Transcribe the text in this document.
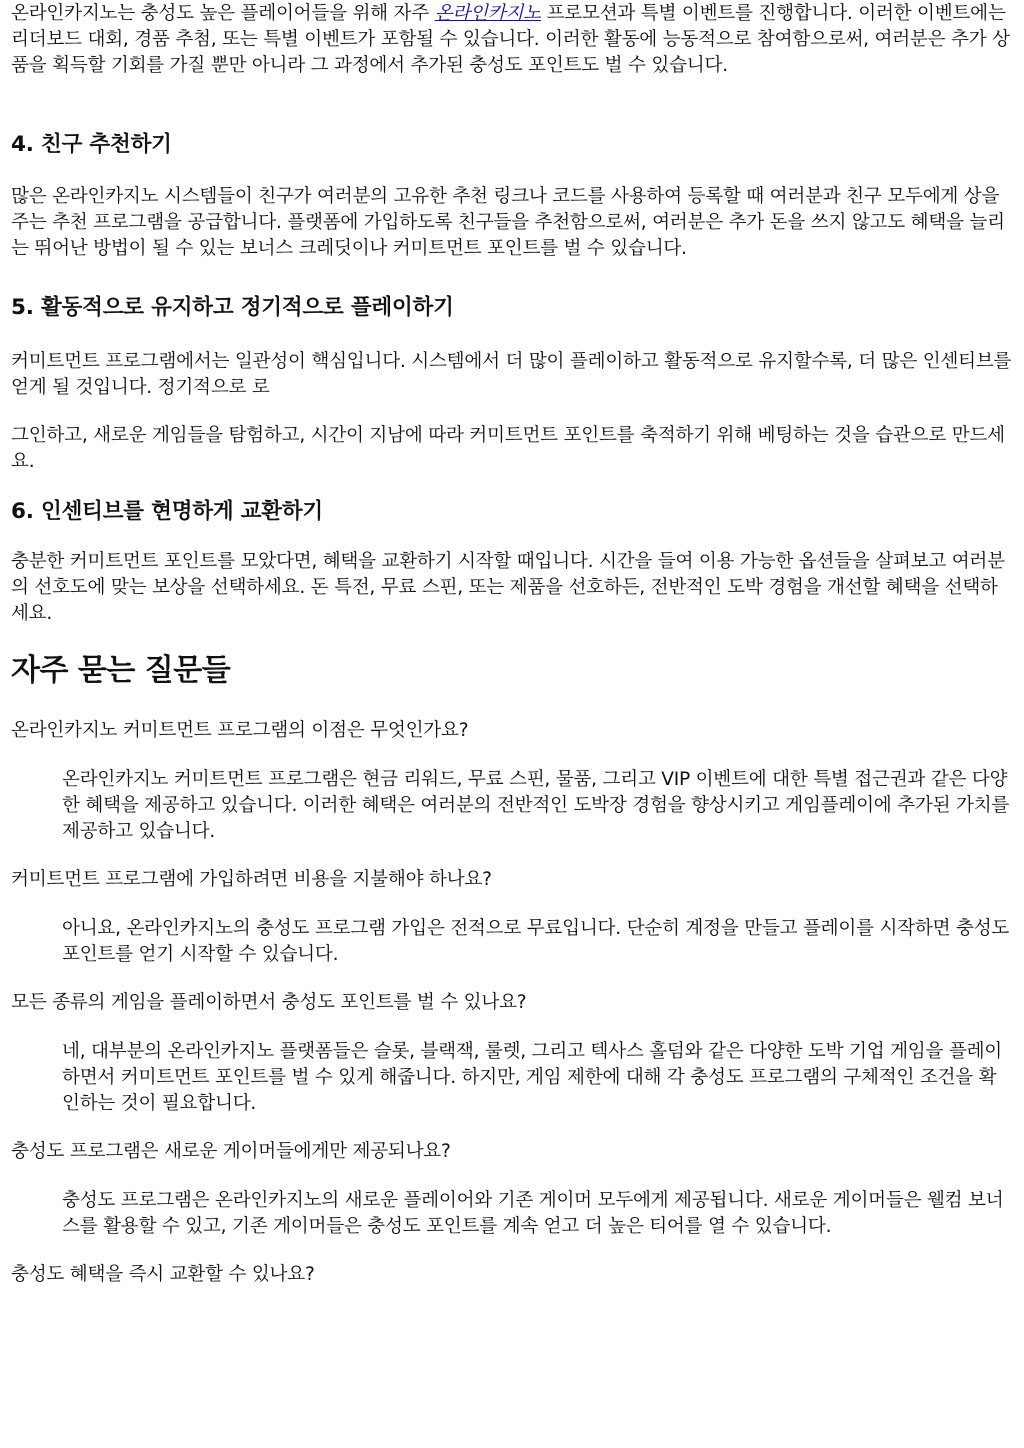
온라인카지노는 충성도 높은 플레이어들을 위해 자주 온라인카지노 프로모션과 특별 이벤트를 진행합니다. 이러한 이벤트에는 리더보드 대회, 경품 추첨, 또는 특별 이벤트가 포함될 수 있습니다. 이러한 활동에 능동적으로 참여함으로써, 여러분은 추가 상품을 획득할 기회를 가질 뿐만 아니라 그 과정에서 추가된 충성도 포인트도 벌 수 있습니다.

4. 친구 추천하기

많은 온라인카지노 시스템들이 친구가 여러분의 고유한 추천 링크나 코드를 사용하여 등록할 때 여러분과 친구 모두에게 상을 주는 추천 프로그램을 공급합니다. 플랫폼에 가입하도록 친구들을 추천함으로써, 여러분은 추가 돈을 쓰지 않고도 혜택을 늘리는 뛰어난 방법이 될 수 있는 보너스 크레딧이나 커미트먼트 포인트를 벌 수 있습니다.

5. 활동적으로 유지하고 정기적으로 플레이하기

커미트먼트 프로그램에서는 일관성이 핵심입니다. 시스템에서 더 많이 플레이하고 활동적으로 유지할수록, 더 많은 인센티브를 얻게 될 것입니다. 정기적으로 로

그인하고, 새로운 게임들을 탐험하고, 시간이 지남에 따라 커미트먼트 포인트를 축적하기 위해 베팅하는 것을 습관으로 만드세요.

6. 인센티브를 현명하게 교환하기

충분한 커미트먼트 포인트를 모았다면, 혜택을 교환하기 시작할 때입니다. 시간을 들여 이용 가능한 옵션들을 살펴보고 여러분의 선호도에 맞는 보상을 선택하세요. 돈 특전, 무료 스핀, 또는 제품을 선호하든, 전반적인 도박 경험을 개선할 혜택을 선택하세요.

자주 묻는 질문들

온라인카지노 커미트먼트 프로그램의 이점은 무엇인가요?

온라인카지노 커미트먼트 프로그램은 현금 리워드, 무료 스핀, 물품, 그리고 VIP 이벤트에 대한 특별 접근권과 같은 다양한 혜택을 제공하고 있습니다. 이러한 혜택은 여러분의 전반적인 도박장 경험을 향상시키고 게임플레이에 추가된 가치를 제공하고 있습니다.

커미트먼트 프로그램에 가입하려면 비용을 지불해야 하나요?

아니요, 온라인카지노의 충성도 프로그램 가입은 전적으로 무료입니다. 단순히 계정을 만들고 플레이를 시작하면 충성도 포인트를 얻기 시작할 수 있습니다.

모든 종류의 게임을 플레이하면서 충성도 포인트를 벌 수 있나요?

네, 대부분의 온라인카지노 플랫폼들은 슬롯, 블랙잭, 룰렛, 그리고 텍사스 홀덤와 같은 다양한 도박 기업 게임을 플레이하면서 커미트먼트 포인트를 벌 수 있게 해줍니다. 하지만, 게임 제한에 대해 각 충성도 프로그램의 구체적인 조건을 확인하는 것이 필요합니다.

충성도 프로그램은 새로운 게이머들에게만 제공되나요?

충성도 프로그램은 온라인카지노의 새로운 플레이어와 기존 게이머 모두에게 제공됩니다. 새로운 게이머들은 웰컴 보너스를 활용할 수 있고, 기존 게이머들은 충성도 포인트를 계속 얻고 더 높은 티어를 열 수 있습니다.

충성도 혜택을 즉시 교환할 수 있나요?
